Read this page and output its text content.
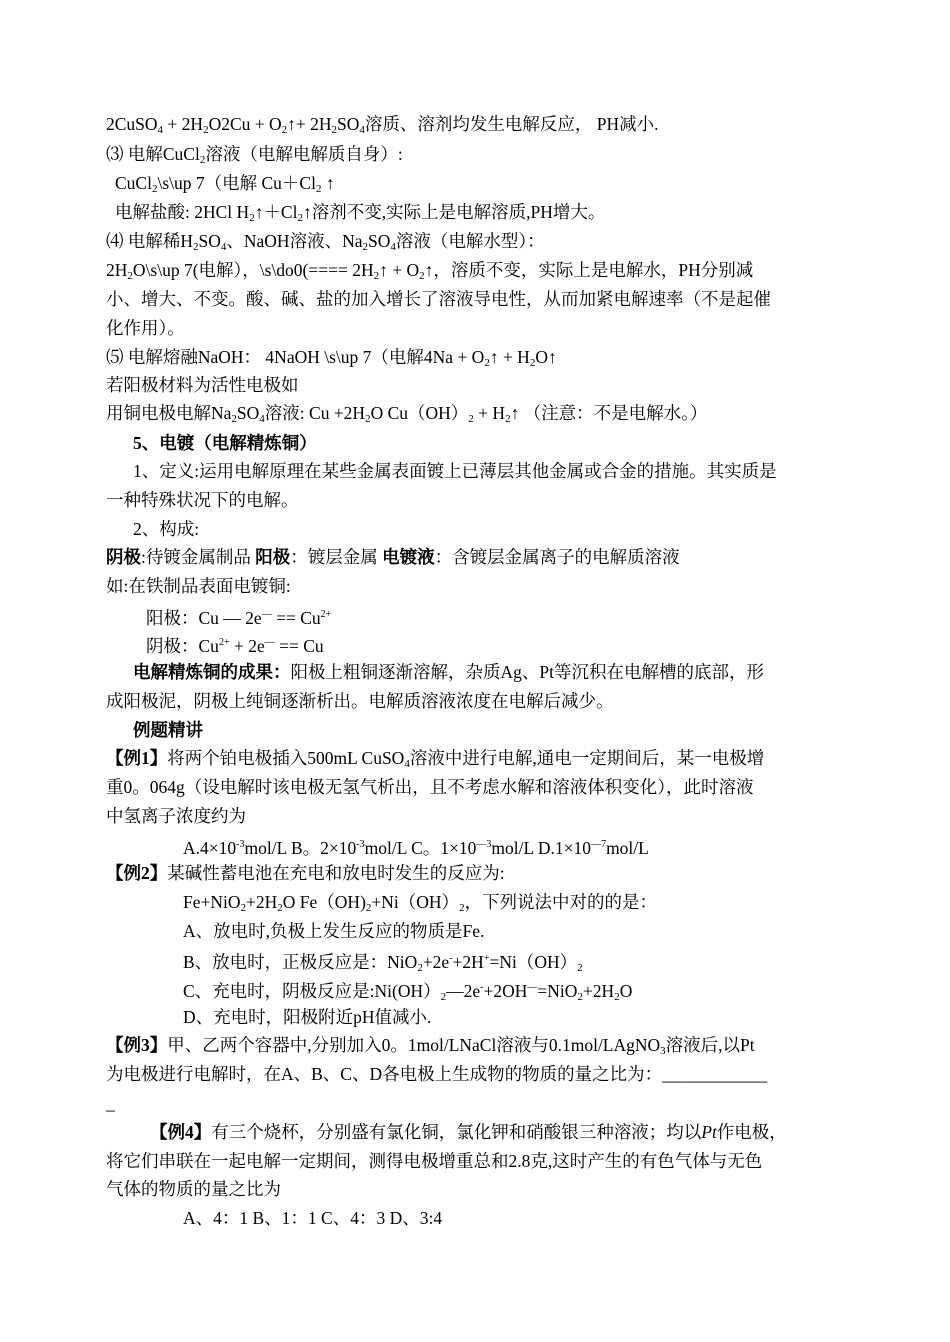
2CuSO$_4$ + $2H_2O2Cu$ + $O_2↑+ 2H_2SO_4$溶质、溶剂均发生电解反应， PH减小.
⑶ 电解CuCl$_2$溶液（电解电解质自身）:
CuCl$_2$\s\up 7（电解 $Cu+Cl_2$ ↑
电解盐酸: 2HCl $H_2↑+Cl_2↑$溶剂不变,实际上是电解溶质,PH增大。
⑷ 电解稀$H_2SO_4$、NaOH溶液、$Na_2SO_4$溶液（电解水型）：
$2H_2O\backslash s\backslash up$ 7(电解），\s\do0(==== $2H_2↑$ + $O_2↑$，溶质不变，实际上是电解水，PH分别减
小、增大、不变。酸、碱、盐的加入增长了溶液导电性，从而加紧电解速率（不是起催
化作用）。
⑸ 电解熔融NaOH： 4NaOH \s\up 7（电解$4Na + O_2↑$ + $H_2O↑$
若阳极材料为活性电极如
用铜电极电解$Na_2SO_4$溶液: $Cu +2H_2O$ $Cu(OH)_2$ + $H_2↑$ （注意：不是电解水。）
5、电镀（电解精炼铜）
1、定义:运用电解原理在某些金属表面镀上已薄层其他金属或合金的措施。其实质是
一种特殊状况下的电解。
2、构成:
阴极:待镀金属制品 阳极：镀层金属 电镀液：含镀层金属离子的电解质溶液
如:在铁制品表面电镀铜:
阳极：Cu — $2e^— == Cu^{2+}$
阴极：$Cu^{2+} + 2e^— == Cu$
电解精炼铜的成果：阳极上粗铜逐渐溶解，杂质Ag、Pt等沉积在电解槽的底部，形
成阳极泥，阴极上纯铜逐渐析出。电解质溶液浓度在电解后减少。
例题精讲
【例1】将两个铂电极插入500mL CuSO$_4$溶液中进行电解,通电一定期间后，某一电极增
重0。064g（设电解时该电极无氢气析出，且不考虑水解和溶液体积变化），此时溶液
中氢离子浓度约为
$A.4\times 10^{-3}mol/L$ B。$2\times 10^{-3}mol/L$ C。$1\times 10^{—3}mol/L$ $D.1\times 10^{—7}mol/L$
【例2】某碱性蓄电池在充电和放电时发生的反应为:
$Fe+NiO_2+2H_2O$ $Fe(OH)_2+Ni(OH)_2$，下列说法中对的的是：
A、放电时,负极上发生反应的物质是Fe.
B、放电时，正极反应是：$NiO_2+2e^-+2H^+=Ni(OH)_2$
C、充电时，阴极反应是$:Ni(OH)_2—2e^-+2OH^—=NiO_2+2H_2O$
D、充电时，阳极附近pH值减小.
【例3】甲、乙两个容器中,分别加入0。1mol/LNaCl溶液与0.1mol/LAgNO$_3$溶液后,以Pt
为电极进行电解时，在A、B、C、D各电极上生成物的物质的量之比为：____________
_
【例4】有三个烧杯，分别盛有氯化铜，氯化钾和硝酸银三种溶液；均以Pt作电极，
将它们串联在一起电解一定期间，测得电极增重总和2.8克,这时产生的有色气体与无色
气体的物质的量之比为
A、4：1 B、1：1 C、4：3 D、3:4
